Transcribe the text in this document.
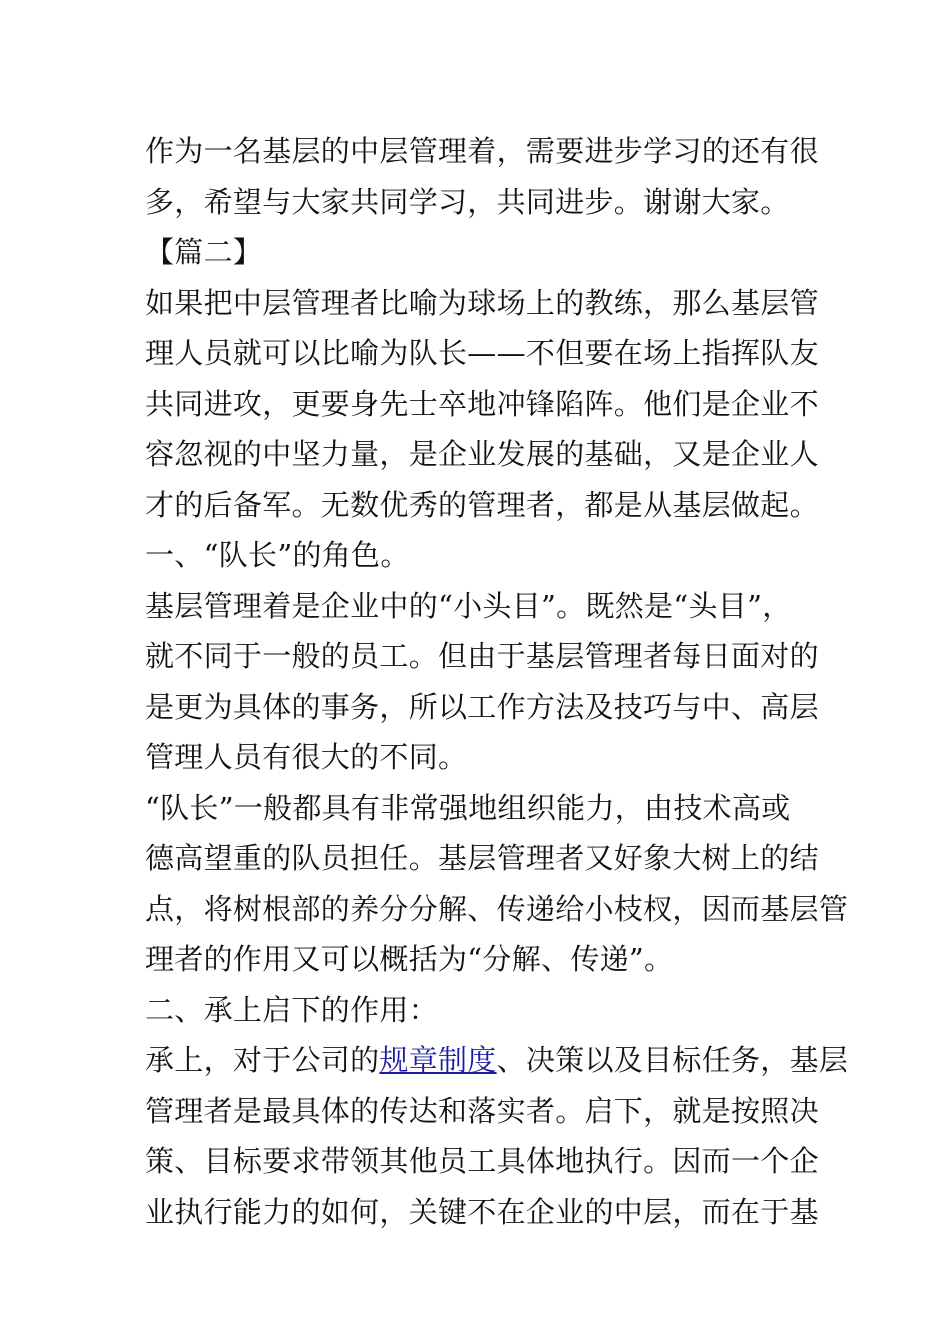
作为一名基层的中层管理着，需要进步学习的还有很
多，希望与大家共同学习，共同进步。谢谢大家。
【篇二】
如果把中层管理者比喻为球场上的教练，那么基层管
理人员就可以比喻为队长——不但要在场上指挥队友
共同进攻，更要身先士卒地冲锋陷阵。他们是企业不
容忽视的中坚力量，是企业发展的基础，又是企业人
才的后备军。无数优秀的管理者，都是从基层做起。
一、“队长”的角色。
基层管理着是企业中的“小头目”。既然是“头目”，
就不同于一般的员工。但由于基层管理者每日面对的
是更为具体的事务，所以工作方法及技巧与中、高层
管理人员有很大的不同。
“队长”一般都具有非常强地组织能力，由技术高或
德高望重的队员担任。基层管理者又好象大树上的结
点，将树根部的养分分解、传递给小枝杈，因而基层管
理者的作用又可以概括为“分解、传递”。
二、承上启下的作用：
承上，对于公司的规章制度、决策以及目标任务，基层
管理者是最具体的传达和落实者。启下，就是按照决
策、目标要求带领其他员工具体地执行。因而一个企
业执行能力的如何，关键不在企业的中层，而在于基
